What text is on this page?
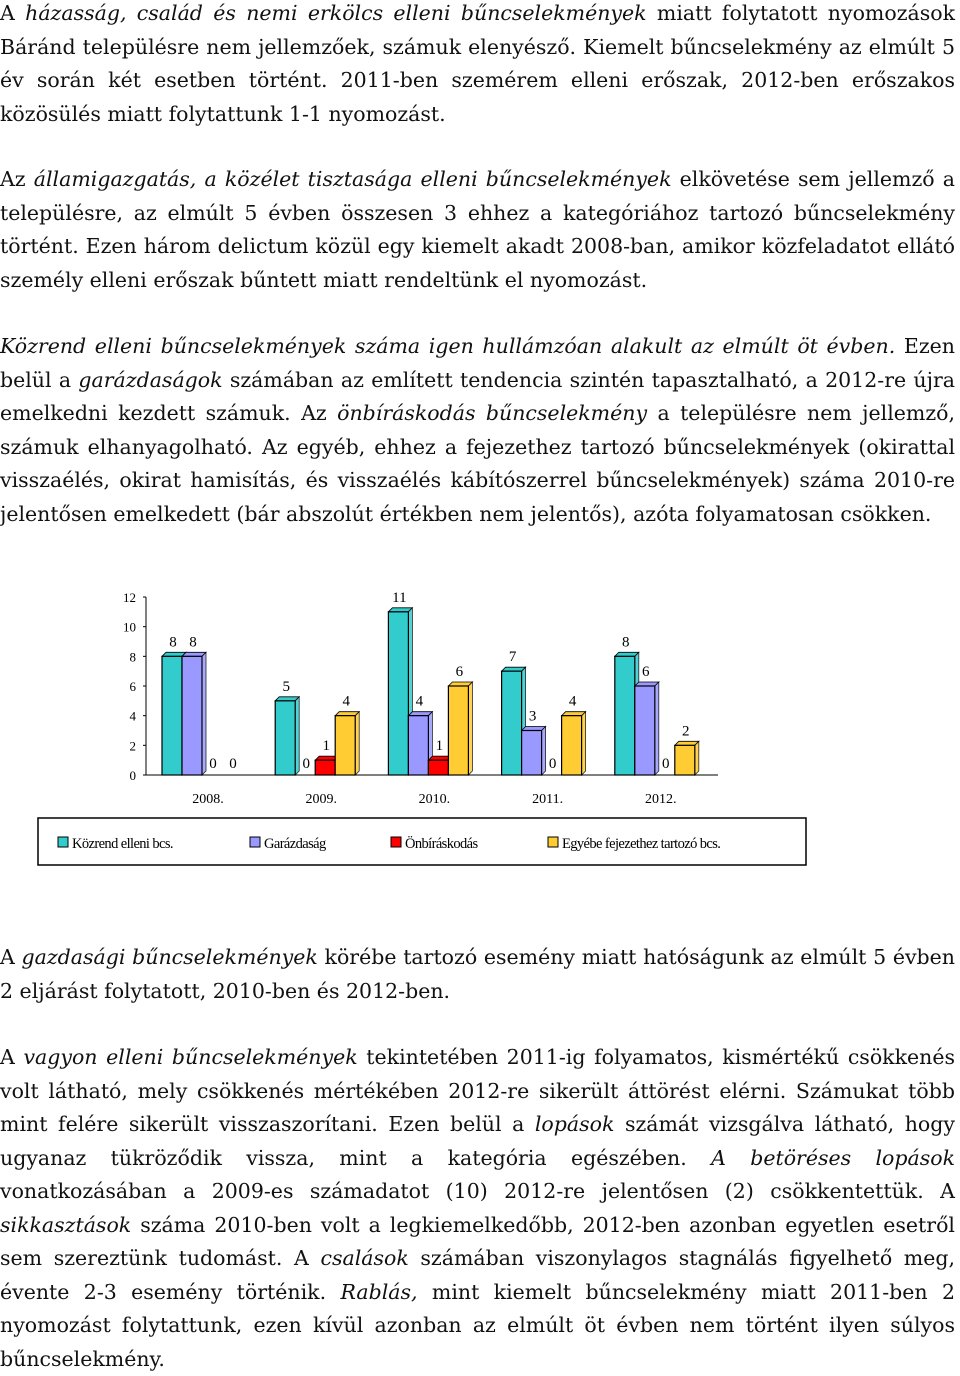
A házasság, család és nemi erkölcs elleni bűncselekmények miatt folytatott nyomozások Báránd településre nem jellemzőek, számuk elenyésző. Kiemelt bűncselekmény az elmúlt 5 év során két esetben történt. 2011-ben szemérem elleni erőszak, 2012-ben erőszakos közösülés miatt folytattunk 1-1 nyomozást.

Az államigazgatás, a közélet tisztasága elleni bűncselekmények elkövetése sem jellemző a településre, az elmúlt 5 évben összesen 3 ehhez a kategóriához tartozó bűncselekmény történt. Ezen három delictum közül egy kiemelt akadt 2008-ban, amikor közfeladatot ellátó személy elleni erőszak bűntett miatt rendeltünk el nyomozást.

Közrend elleni bűncselekmények száma igen hullámzóan alakult az elmúlt öt évben. Ezen belül a garázdaságok számában az említett tendencia szintén tapasztalható, a 2012-re újra emelkedni kezdett számuk. Az önbíráskodás bűncselekmény a településre nem jellemző, számuk elhanyagolható. Az egyéb, ehhez a fejezethez tartozó bűncselekmények (okirattal visszaélés, okirat hamisítás, és visszaélés kábítószerrel bűncselekmények) száma 2010-re jelentősen emelkedett (bár abszolút értékben nem jelentős), azóta folyamatosan csökken.

0
2
4
6
8
10
12
8 8
0 0
5
0
1
4
11
4
1
6
7
3
0
4
8
6
0
2
2008.	2009.	2010.	2011.	2012.
Közrend elleni bcs.	Garázdaság	Önbíráskodás	Egyébe fejezethez tartozó bcs.

A gazdasági bűncselekmények körébe tartozó esemény miatt hatóságunk az elmúlt 5 évben 2 eljárást folytatott, 2010-ben és 2012-ben.

A vagyon elleni bűncselekmények tekintetében 2011-ig folyamatos, kismértékű csökkenés volt látható, mely csökkenés mértékében 2012-re sikerült áttörést elérni. Számukat több mint felére sikerült visszaszorítani. Ezen belül a lopások számát vizsgálva látható, hogy ugyanaz tükröződik vissza, mint a kategória egészében. A betöréses lopások vonatkozásában a 2009-es számadatot (10) 2012-re jelentősen (2) csökkentettük. A sikkasztások száma 2010-ben volt a legkiemelkedőbb, 2012-ben azonban egyetlen esetről sem szereztünk tudomást. A csalások számában viszonylagos stagnálás figyelhető meg, évente 2-3 esemény történik. Rablás, mint kiemelt bűncselekmény miatt 2011-ben 2 nyomozást folytattunk, ezen kívül azonban az elmúlt öt évben nem történt ilyen súlyos bűncselekmény.
